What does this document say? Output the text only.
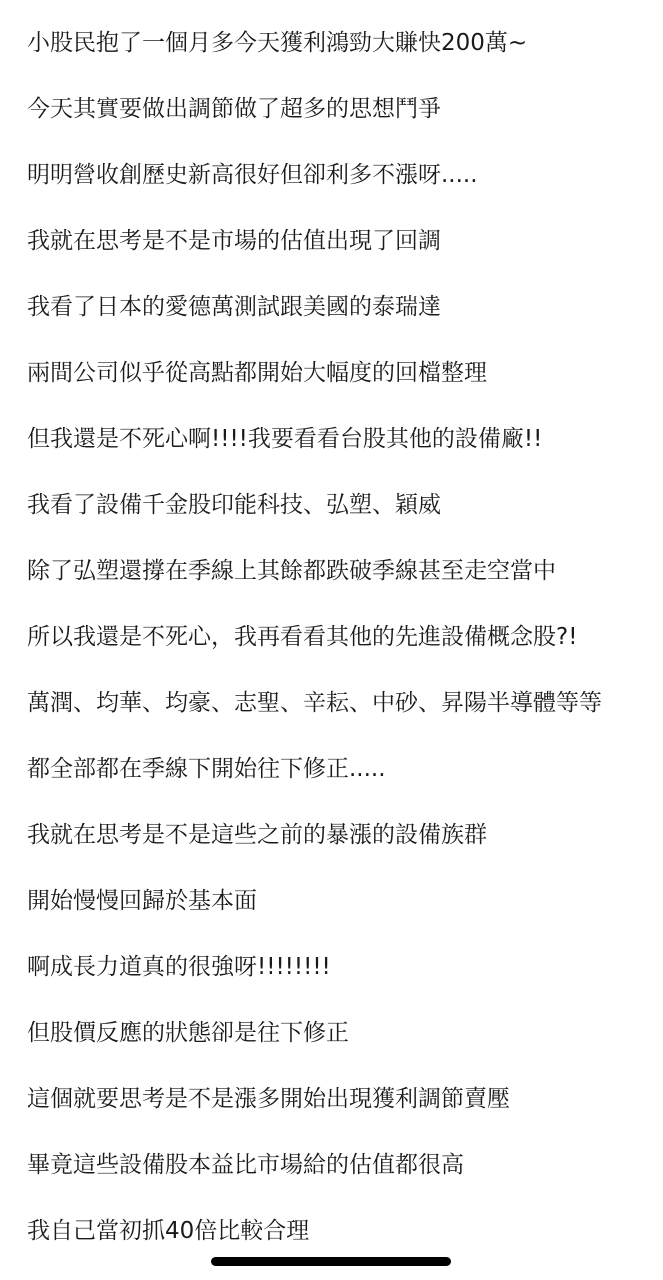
小股民抱了一個月多今天獲利鴻勁大賺快200萬~

今天其實要做出調節做了超多的思想鬥爭

明明營收創歷史新高很好但卻利多不漲呀.....

我就在思考是不是市場的估值出現了回調

我看了日本的愛德萬測試跟美國的泰瑞達

兩間公司似乎從高點都開始大幅度的回檔整理

但我還是不死心啊!!!!我要看看台股其他的設備廠!!

我看了設備千金股印能科技、弘塑、穎威

除了弘塑還撐在季線上其餘都跌破季線甚至走空當中

所以我還是不死心，我再看看其他的先進設備概念股?!

萬潤、均華、均豪、志聖、辛耘、中砂、昇陽半導體等等

都全部都在季線下開始往下修正.....

我就在思考是不是這些之前的暴漲的設備族群

開始慢慢回歸於基本面

啊成長力道真的很強呀!!!!!!!!

但股價反應的狀態卻是往下修正

這個就要思考是不是漲多開始出現獲利調節賣壓

畢竟這些設備股本益比市場給的估值都很高

我自己當初抓40倍比較合理
